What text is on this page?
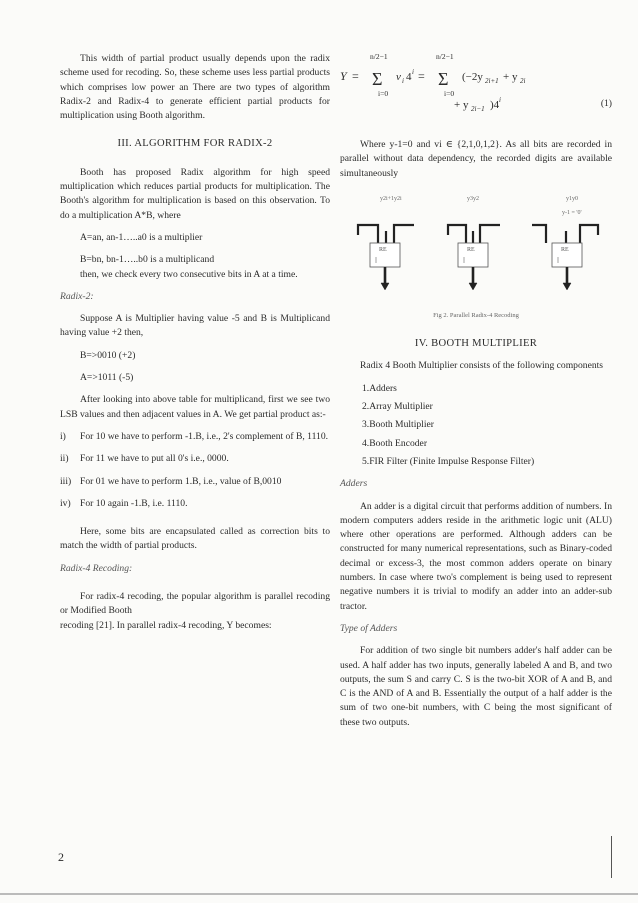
This width of partial product usually depends upon the radix scheme used for recoding. So, these scheme uses less partial products which comprises low power an There are two types of algorithm Radix-2 and Radix-4 to generate efficient partial products for multiplication using Booth algorithm.

III. ALGORITHM FOR RADIX-2

Booth has proposed Radix algorithm for high speed multiplication which reduces partial products for multiplication. The Booth's algorithm for multiplication is based on this observation. To do a multiplication A*B, where

A=an, an-1…..a0 is a multiplier

B=bn, bn-1…..b0 is a multiplicand

then, we check every two consecutive bits in A at a time.

Radix-2:

Suppose A is Multiplier having value -5 and B is Multiplicand having value +2 then,

B=>0010 (+2)

A=>1011 (-5)

After looking into above table for multiplicand, first we see two LSB values and then adjacent values in A. We get partial product as:-

i) For 10 we have to perform -1.B, i.e., 2's complement of B, 1110.
ii) For 11 we have to put all 0's i.e., 0000.
iii) For 01 we have to perform 1.B, i.e., value of B,0010
iv) For 10 again -1.B, i.e. 1110.

Here, some bits are encapsulated called as correction bits to match the width of partial products.

Radix-4 Recoding:

For radix-4 recoding, the popular algorithm is parallel recoding or Modified Booth

recoding [21]. In parallel radix-4 recoding, Y becomes:

Y =
n/2−1
Σ
i=0
v i 4 i =
n/2−1
Σ
i=0
(−2y 2i+1 + y 2i
+ y 2i−1 )4 i	(1)

Where y-1=0 and vi ∈ {2,1,0,1,2}. As all bits are recorded in parallel without data dependency, the recorded digits are available simultaneously

y2i+1y2i	y3y2	y1y0
y-1 = '0'
RE	RE	RE

Fig 2. Parallel Radix-4 Recoding

IV. BOOTH MULTIPLIER

Radix 4 Booth Multiplier consists of the following components

1.Adders

2.Array Multiplier

3.Booth Multiplier

4.Booth Encoder

5.FIR Filter (Finite Impulse Response Filter)

Adders

An adder is a digital circuit that performs addition of numbers. In modern computers adders reside in the arithmetic logic unit (ALU) where other operations are performed. Although adders can be constructed for many numerical representations, such as Binary-coded decimal or excess-3, the most common adders operate on binary numbers. In case where two's complement is being used to represent negative numbers it is trivial to modify an adder into an adder-sub tractor.

Type of Adders

For addition of two single bit numbers adder's half adder can be used. A half adder has two inputs, generally labeled A and B, and two outputs, the sum S and carry C. S is the two-bit XOR of A and B, and C is the AND of A and B. Essentially the output of a half adder is the sum of two one-bit numbers, with C being the most significant of these two outputs.

2
